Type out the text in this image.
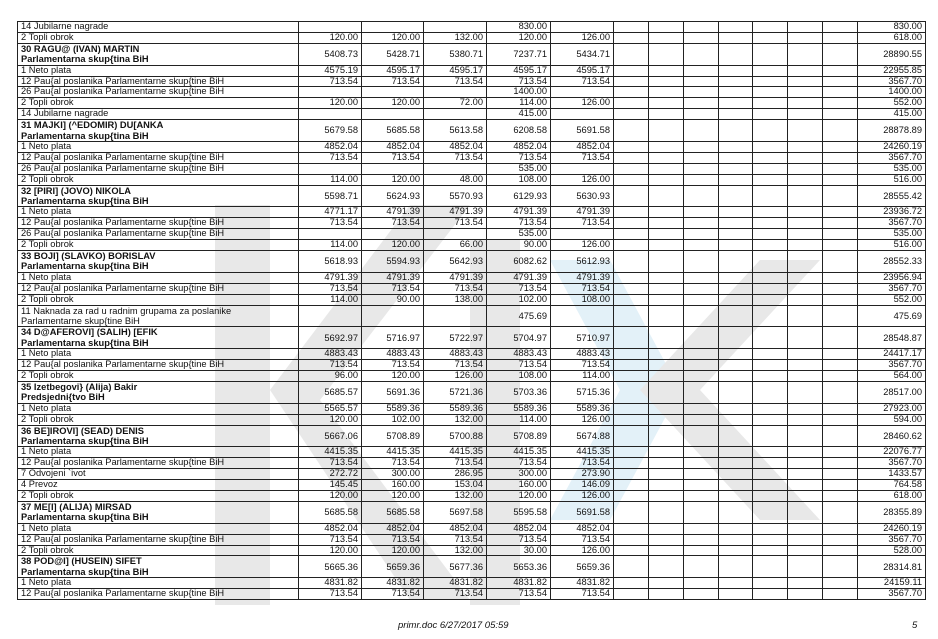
14 Jubilarne nagrade				830.00									830.00

2 Topli obrok	120.00	120.00	132.00	120.00	126.00								618.00

30 RAGU@ (IVAN) MARTIN
Parlamentarna skup{tina BiH	5408.73	5428.71	5380.71	7237.71	5434.71								28890.55

1 Neto plata	4575.19	4595.17	4595.17	4595.17	4595.17								22955.85

12 Pau{al poslanika Parlamentarne skup{tine BiH	713.54	713.54	713.54	713.54	713.54								3567.70

26 Pau{al poslanika Parlamentarne skup{tine BiH				1400.00									1400.00

2 Topli obrok	120.00	120.00	72.00	114.00	126.00								552.00

14 Jubilarne nagrade				415.00									415.00

31 MAJKI] (^EDOMIR) DU[ANKA
Parlamentarna skup{tina BiH	5679.58	5685.58	5613.58	6208.58	5691.58								28878.89

1 Neto plata	4852.04	4852.04	4852.04	4852.04	4852.04								24260.19

12 Pau{al poslanika Parlamentarne skup{tine BiH	713.54	713.54	713.54	713.54	713.54								3567.70

26 Pau{al poslanika Parlamentarne skup{tine BiH				535.00									535.00

2 Topli obrok	114.00	120.00	48.00	108.00	126.00								516.00

32 [PIRI] (JOVO) NIKOLA
Parlamentarna skup{tina BiH	5598.71	5624.93	5570.93	6129.93	5630.93								28555.42

1 Neto plata	4771.17	4791.39	4791.39	4791.39	4791.39								23936.72

12 Pau{al poslanika Parlamentarne skup{tine BiH	713.54	713.54	713.54	713.54	713.54								3567.70

26 Pau{al poslanika Parlamentarne skup{tine BiH				535.00									535.00

2 Topli obrok	114.00	120.00	66.00	90.00	126.00								516.00

33 BOJI] (SLAVKO) BORISLAV
Parlamentarna skup{tina BiH	5618.93	5594.93	5642.93	6082.62	5612.93								28552.33

1 Neto plata	4791.39	4791.39	4791.39	4791.39	4791.39								23956.94

12 Pau{al poslanika Parlamentarne skup{tine BiH	713.54	713.54	713.54	713.54	713.54								3567.70

2 Topli obrok	114.00	90.00	138.00	102.00	108.00								552.00

11 Naknada za rad u radnim grupama za poslanike
Parlamentarne skup{tine BiH				475.69									475.69

34 D@AFEROVI] (SALIH) [EFIK
Parlamentarna skup{tina BiH	5692.97	5716.97	5722.97	5704.97	5710.97								28548.87

1 Neto plata	4883.43	4883.43	4883.43	4883.43	4883.43								24417.17

12 Pau{al poslanika Parlamentarne skup{tine BiH	713.54	713.54	713.54	713.54	713.54								3567.70

2 Topli obrok	96.00	120.00	126.00	108.00	114.00								564.00

35 Izetbegovi} (Alija) Bakir
Predsjedni{tvo BiH	5685.57	5691.36	5721.36	5703.36	5715.36								28517.00

1 Neto plata	5565.57	5589.36	5589.36	5589.36	5589.36								27923.00

2 Topli obrok	120.00	102.00	132.00	114.00	126.00								594.00

36 BE]IROVI] (SEAD) DENIS
Parlamentarna skup{tina BiH	5667.06	5708.89	5700.88	5708.89	5674.88								28460.62

1 Neto plata	4415.35	4415.35	4415.35	4415.35	4415.35								22076.77

12 Pau{al poslanika Parlamentarne skup{tine BiH	713.54	713.54	713.54	713.54	713.54								3567.70

7 Odvojeni `ivot	272.72	300.00	286.95	300.00	273.90								1433.57

4 Prevoz	145.45	160.00	153.04	160.00	146.09								764.58

2 Topli obrok	120.00	120.00	132.00	120.00	126.00								618.00

37 ME[I] (ALIJA) MIRSAD
Parlamentarna skup{tina BiH	5685.58	5685.58	5697.58	5595.58	5691.58								28355.89

1 Neto plata	4852.04	4852.04	4852.04	4852.04	4852.04								24260.19

12 Pau{al poslanika Parlamentarne skup{tine BiH	713.54	713.54	713.54	713.54	713.54								3567.70

2 Topli obrok	120.00	120.00	132.00	30.00	126.00								528.00

38 POD@I] (HUSEIN) SIFET
Parlamentarna skup{tina BiH	5665.36	5659.36	5677.36	5653.36	5659.36								28314.81

1 Neto plata	4831.82	4831.82	4831.82	4831.82	4831.82								24159.11

12 Pau{al poslanika Parlamentarne skup{tine BiH	713.54	713.54	713.54	713.54	713.54								3567.70
primr.doc 6/27/2017 05:59	5
